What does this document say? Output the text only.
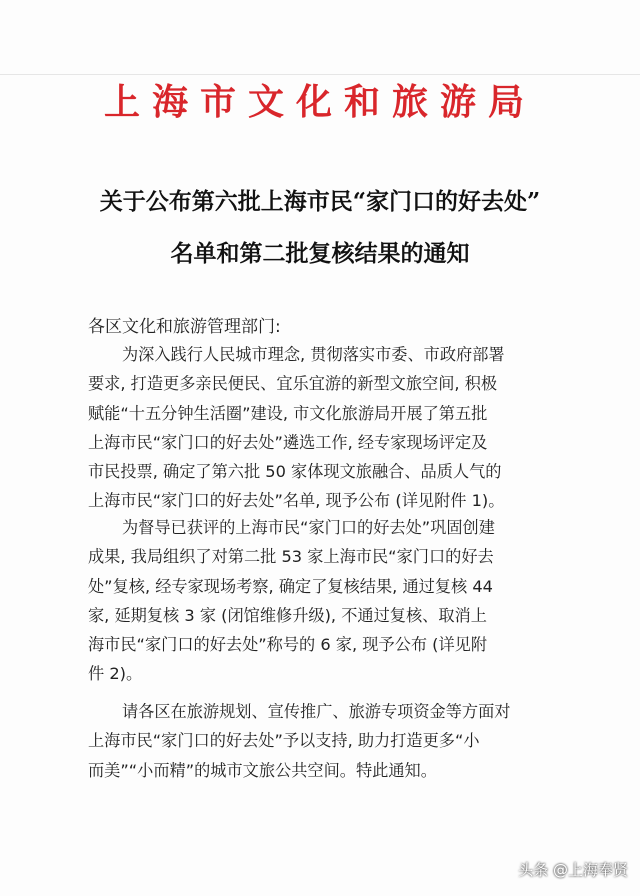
上海市文化和旅游局
关于公布第六批上海市民“家门口的好去处”
名单和第二批复核结果的通知
各区文化和旅游管理部门:
为深入践行人民城市理念, 贯彻落实市委、市政府部署
要求, 打造更多亲民便民、宜乐宜游的新型文旅空间, 积极
赋能“十五分钟生活圈”建设, 市文化旅游局开展了第五批
上海市民“家门口的好去处”遴选工作, 经专家现场评定及
市民投票, 确定了第六批 50 家体现文旅融合、品质人气的
上海市民“家门口的好去处”名单, 现予公布 (详见附件 1)。
为督导已获评的上海市民“家门口的好去处”巩固创建
成果, 我局组织了对第二批 53 家上海市民“家门口的好去
处”复核, 经专家现场考察, 确定了复核结果, 通过复核 44
家, 延期复核 3 家 (闭馆维修升级), 不通过复核、取消上
海市民“家门口的好去处”称号的 6 家, 现予公布 (详见附
件 2)。
请各区在旅游规划、宣传推广、旅游专项资金等方面对
上海市民“家门口的好去处”予以支持, 助力打造更多“小
而美”“小而精”的城市文旅公共空间。特此通知。
头条 @上海奉贤
